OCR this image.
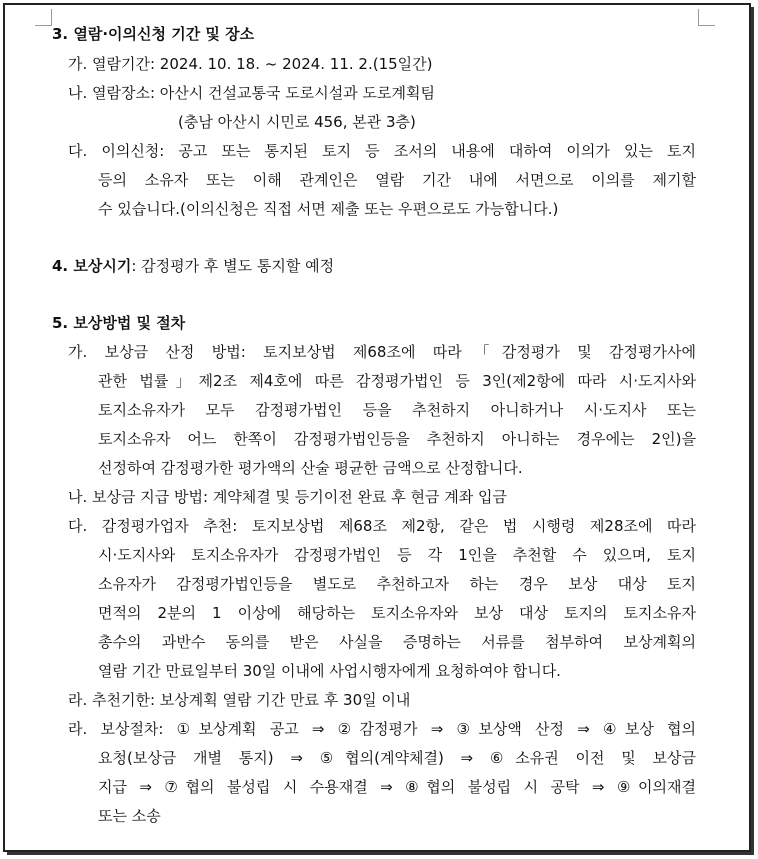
3. 열람·이의신청 기간 및 장소
가. 열람기간: 2024. 10. 18. ~ 2024. 11. 2.(15일간)
나. 열람장소: 아산시 건설교통국 도로시설과 도로계획팀
(충남 아산시 시민로 456, 본관 3층)
다. 이의신청: 공고 또는 통지된 토지 등 조서의 내용에 대하여 이의가 있는 토지
등의 소유자 또는 이해 관계인은 열람 기간 내에 서면으로 이의를 제기할
수 있습니다.(이의신청은 직접 서면 제출 또는 우편으로도 가능합니다.)
4. 보상시기: 감정평가 후 별도 통지할 예정
5. 보상방법 및 절차
가. 보상금 산정 방법: 토지보상법 제68조에 따라「감정평가 및 감정평가사에
관한 법률」제2조 제4호에 따른 감정평가법인 등 3인(제2항에 따라 시·도지사와
토지소유자가 모두 감정평가법인 등을 추천하지 아니하거나 시·도지사 또는
토지소유자 어느 한쪽이 감정평가법인등을 추천하지 아니하는 경우에는 2인)을
선정하여 감정평가한 평가액의 산술 평균한 금액으로 산정합니다.
나. 보상금 지급 방법: 계약체결 및 등기이전 완료 후 현금 계좌 입금
다. 감정평가업자 추천: 토지보상법 제68조 제2항, 같은 법 시행령 제28조에 따라
시·도지사와 토지소유자가 감정평가법인 등 각 1인을 추천할 수 있으며, 토지
소유자가 감정평가법인등을 별도로 추천하고자 하는 경우 보상 대상 토지
면적의 2분의 1 이상에 해당하는 토지소유자와 보상 대상 토지의 토지소유자
총수의 과반수 동의를 받은 사실을 증명하는 서류를 첨부하여 보상계획의
열람 기간 만료일부터 30일 이내에 사업시행자에게 요청하여야 합니다.
라. 추천기한: 보상계획 열람 기간 만료 후 30일 이내
라. 보상절차: ①보상계획 공고 ⇒ ②감정평가 ⇒ ③보상액 산정 ⇒ ④보상 협의
요청(보상금 개별 통지) ⇒ ⑤협의(계약체결) ⇒ ⑥소유권 이전 및 보상금
지급 ⇒ ⑦협의 불성립 시 수용재결 ⇒ ⑧협의 불성립 시 공탁 ⇒ ⑨이의재결
또는 소송
